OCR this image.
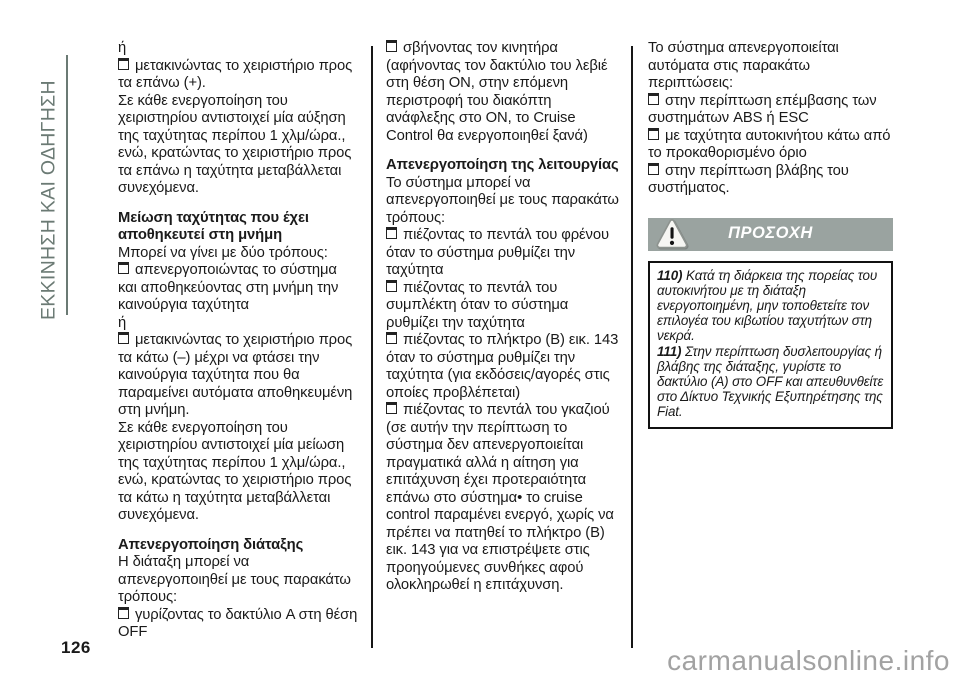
ΕΚΚΙΝΗΣΗ ΚΑΙ ΟΔΗΓΗΣΗ

ή

μετακινώντας το χειριστήριο προς τα επάνω (+).

Σε κάθε ενεργοποίηση του χειριστηρίου αντιστοιχεί μία αύξηση της ταχύτητας περίπου 1 χλμ/ώρα., ενώ, κρατώντας το χειριστήριο προς τα επάνω η ταχύτητα μεταβάλλεται συνεχόμενα.

Μείωση ταχύτητας που έχει αποθηκευτεί στη μνήμη

Μπορεί να γίνει με δύο τρόπους:

απενεργοποιώντας το σύστημα και αποθηκεύοντας στη μνήμη την καινούργια ταχύτητα

ή

μετακινώντας το χειριστήριο προς τα κάτω (–) μέχρι να φτάσει την καινούργια ταχύτητα που θα παραμείνει αυτόματα αποθηκευμένη στη μνήμη.

Σε κάθε ενεργοποίηση του χειριστηρίου αντιστοιχεί μία μείωση της ταχύτητας περίπου 1 χλμ/ώρα., ενώ, κρατώντας το χειριστήριο προς τα κάτω η ταχύτητα μεταβάλλεται συνεχόμενα.

Απενεργοποίηση διάταξης

Η διάταξη μπορεί να απενεργοποιηθεί με τους παρακάτω τρόπους:

γυρίζοντας το δακτύλιο A στη θέση OFF

σβήνοντας τον κινητήρα (αφήνοντας τον δακτύλιο του λεβιέ στη θέση ON, στην επόμενη περιστροφή του διακόπτη ανάφλεξης στο ON, το Cruise Control θα ενεργοποιηθεί ξανά)

Απενεργοποίηση της λειτουργίας

Το σύστημα μπορεί να απενεργοποιηθεί με τους παρακάτω τρόπους:

πιέζοντας το πεντάλ του φρένου όταν το σύστημα ρυθμίζει την ταχύτητα

πιέζοντας το πεντάλ του συμπλέκτη όταν το σύστημα ρυθμίζει την ταχύτητα

πιέζοντας το πλήκτρο (B) εικ. 143 όταν το σύστημα ρυθμίζει την ταχύτητα (για εκδόσεις/αγορές στις οποίες προβλέπεται)

πιέζοντας το πεντάλ του γκαζιού (σε αυτήν την περίπτωση το σύστημα δεν απενεργοποιείται πραγματικά αλλά η αίτηση για επιτάχυνση έχει προτεραιότητα επάνω στο σύστημα• το cruise control παραμένει ενεργό, χωρίς να πρέπει να πατηθεί το πλήκτρο (B) εικ. 143 για να επιστρέψετε στις προηγούμενες συνθήκες αφού ολοκληρωθεί η επιτάχυνση.

Το σύστημα απενεργοποιείται αυτόματα στις παρακάτω περιπτώσεις:

στην περίπτωση επέμβασης των συστημάτων ABS ή ESC

με ταχύτητα αυτοκινήτου κάτω από το προκαθορισμένο όριο

στην περίπτωση βλάβης του συστήματος.

ΠΡΟΣΟΧΗ
110) Κατά τη διάρκεια της πορείας του αυτοκινήτου με τη διάταξη ενεργοποιημένη, μην τοποθετείτε τον επιλογέα του κιβωτίου ταχυτήτων στη νεκρά.
111) Στην περίπτωση δυσλειτουργίας ή βλάβης της διάταξης, γυρίστε το δακτύλιο (A) στο OFF και απευθυνθείτε στο Δίκτυο Τεχνικής Εξυπηρέτησης της Fiat.
126	carmanualsonline.info
